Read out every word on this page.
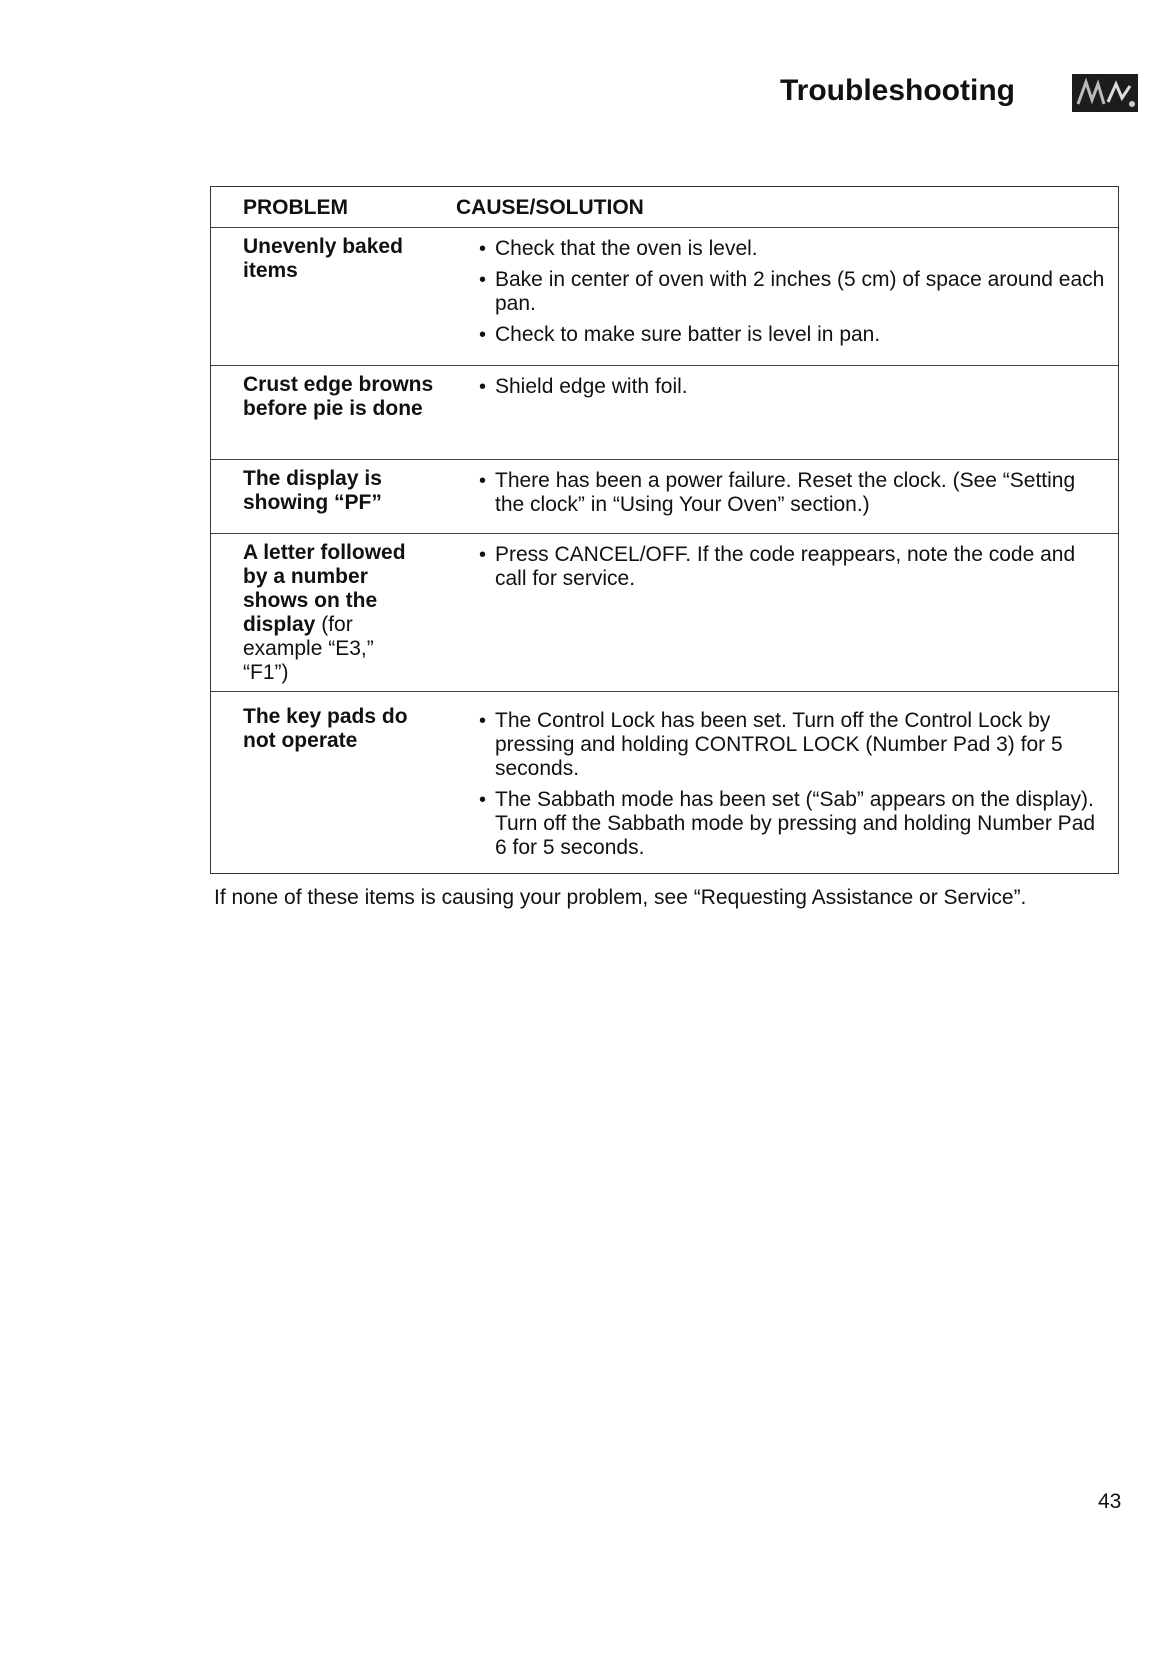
Troubleshooting
PROBLEM	CAUSE/SOLUTION
Unevenly baked items
• Check that the oven is level.
• Bake in center of oven with 2 inches (5 cm) of space around each pan.
• Check to make sure batter is level in pan.
Crust edge browns before pie is done
• Shield edge with foil.
The display is showing “PF”
• There has been a power failure. Reset the clock. (See “Setting the clock” in “Using Your Oven” section.)
A letter followed by a number shows on the display (for example “E3,” “F1”)
• Press CANCEL/OFF. If the code reappears, note the code and call for service.
The key pads do not operate
• The Control Lock has been set. Turn off the Control Lock by pressing and holding CONTROL LOCK (Number Pad 3) for 5 seconds.
• The Sabbath mode has been set (“Sab” appears on the display). Turn off the Sabbath mode by pressing and holding Number Pad 6 for 5 seconds.
If none of these items is causing your problem, see “Requesting Assistance or Service”.
43
